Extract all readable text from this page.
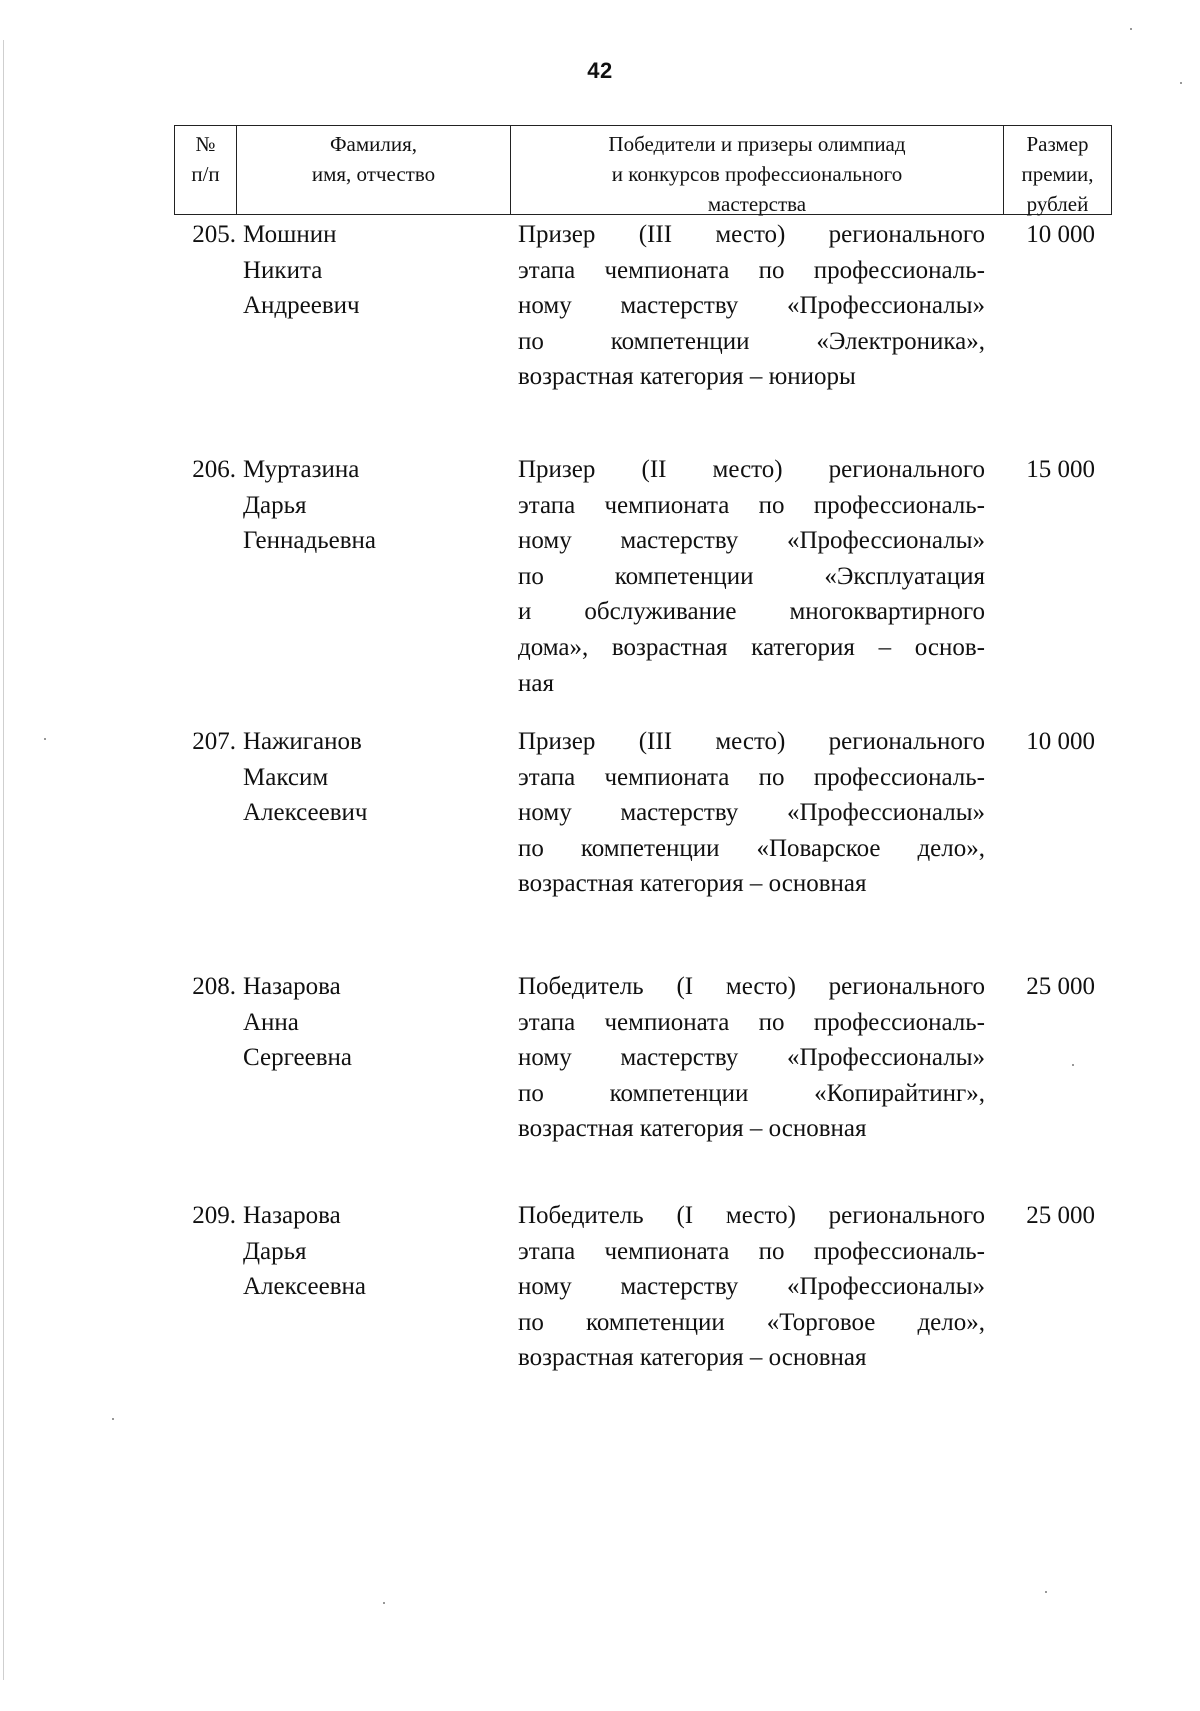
42
№
п/п
Фамилия,
имя, отчество
Победители и призеры олимпиад
и конкурсов профессионального
мастерства
Размер
премии,
рублей
205. Мошнин
Никита
Андреевич
Призер (III место) регионального
этапа чемпионата по профессиональ-
ному мастерству «Профессионалы»
по компетенции «Электроника»,
возрастная категория – юниоры
10 000
206. Муртазина
Дарья
Геннадьевна
Призер (II место) регионального
этапа чемпионата по профессиональ-
ному мастерству «Профессионалы»
по компетенции «Эксплуатация
и обслуживание многоквартирного
дома», возрастная категория – основ-
ная
15 000
207. Нажиганов
Максим
Алексеевич
Призер (III место) регионального
этапа чемпионата по профессиональ-
ному мастерству «Профессионалы»
по компетенции «Поварское дело»,
возрастная категория – основная
10 000
208. Назарова
Анна
Сергеевна
Победитель (I место) регионального
этапа чемпионата по профессиональ-
ному мастерству «Профессионалы»
по компетенции «Копирайтинг»,
возрастная категория – основная
25 000
209. Назарова
Дарья
Алексеевна
Победитель (I место) регионального
этапа чемпионата по профессиональ-
ному мастерству «Профессионалы»
по компетенции «Торговое дело»,
возрастная категория – основная
25 000
